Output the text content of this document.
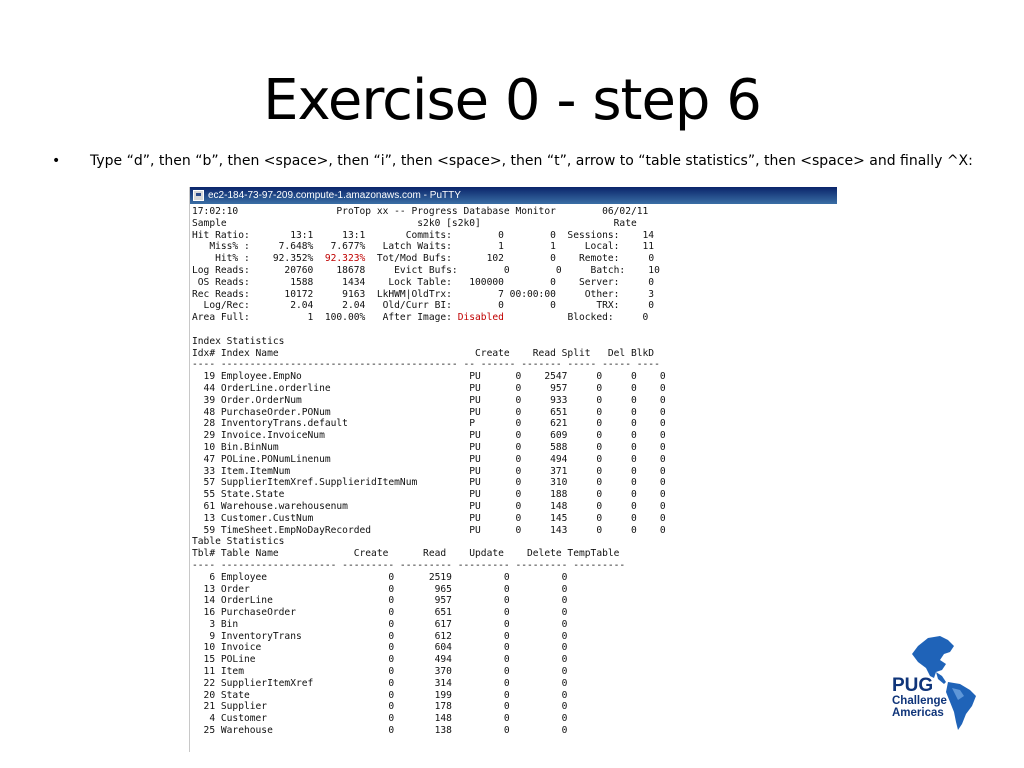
Exercise 0 - step 6
• Type “d”, then “b”, then <space>, then “i”, then <space>, then “t”, arrow to “table statistics”, then <space> and finally ^X:
ec2-184-73-97-209.compute-1.amazonaws.com - PuTTY
17:02:10                 ProTop xx -- Progress Database Monitor        06/02/11
Sample                                 s2k0 [s2k0]                       Rate
Hit Ratio:       13:1     13:1       Commits:        0        0  Sessions:    14
Miss% :     7.648%   7.677%   Latch Waits:        1        1     Local:    11
Hit% :    92.352%  92.323%  Tot/Mod Bufs:      102        0    Remote:     0
Log Reads:      20760    18678     Evict Bufs:        0        0     Batch:    10
OS Reads:       1588     1434    Lock Table:   100000        0    Server:     0
Rec Reads:      10172     9163  LkHWM|OldTrx:        7 00:00:00     Other:     3
Log/Rec:       2.04     2.04   Old/Curr BI:        0        0       TRX:     0
Area Full:          1  100.00%   After Image: Disabled           Blocked:     0
Index Statistics
Idx# Index Name                                  Create    Read Split   Del BlkD
---- ----------------------------------------- -- ------ ------- ----- ----- ----
19 Employee.EmpNo                             PU      0    2547     0     0    0
44 OrderLine.orderline                        PU      0     957     0     0    0
39 Order.OrderNum                             PU      0     933     0     0    0
48 PurchaseOrder.PONum                        PU      0     651     0     0    0
28 InventoryTrans.default                     P       0     621     0     0    0
29 Invoice.InvoiceNum                         PU      0     609     0     0    0
10 Bin.BinNum                                 PU      0     588     0     0    0
47 POLine.PONumLinenum                        PU      0     494     0     0    0
33 Item.ItemNum                               PU      0     371     0     0    0
57 SupplierItemXref.SupplieridItemNum         PU      0     310     0     0    0
55 State.State                                PU      0     188     0     0    0
61 Warehouse.warehousenum                     PU      0     148     0     0    0
13 Customer.CustNum                           PU      0     145     0     0    0
59 TimeSheet.EmpNoDayRecorded                 PU      0     143     0     0    0
Table Statistics
Tbl# Table Name             Create      Read    Update    Delete TempTable
---- -------------------- --------- --------- --------- --------- ---------
6 Employee                     0      2519         0         0
13 Order                        0       965         0         0
14 OrderLine                    0       957         0         0
16 PurchaseOrder                0       651         0         0
3 Bin                          0       617         0         0
9 InventoryTrans               0       612         0         0
10 Invoice                      0       604         0         0
15 POLine                       0       494         0         0
11 Item                         0       370         0         0
22 SupplierItemXref             0       314         0         0
20 State                        0       199         0         0
21 Supplier                     0       178         0         0
4 Customer                     0       148         0         0
25 Warehouse                    0       138         0         0
PUG
Challenge
Americas
